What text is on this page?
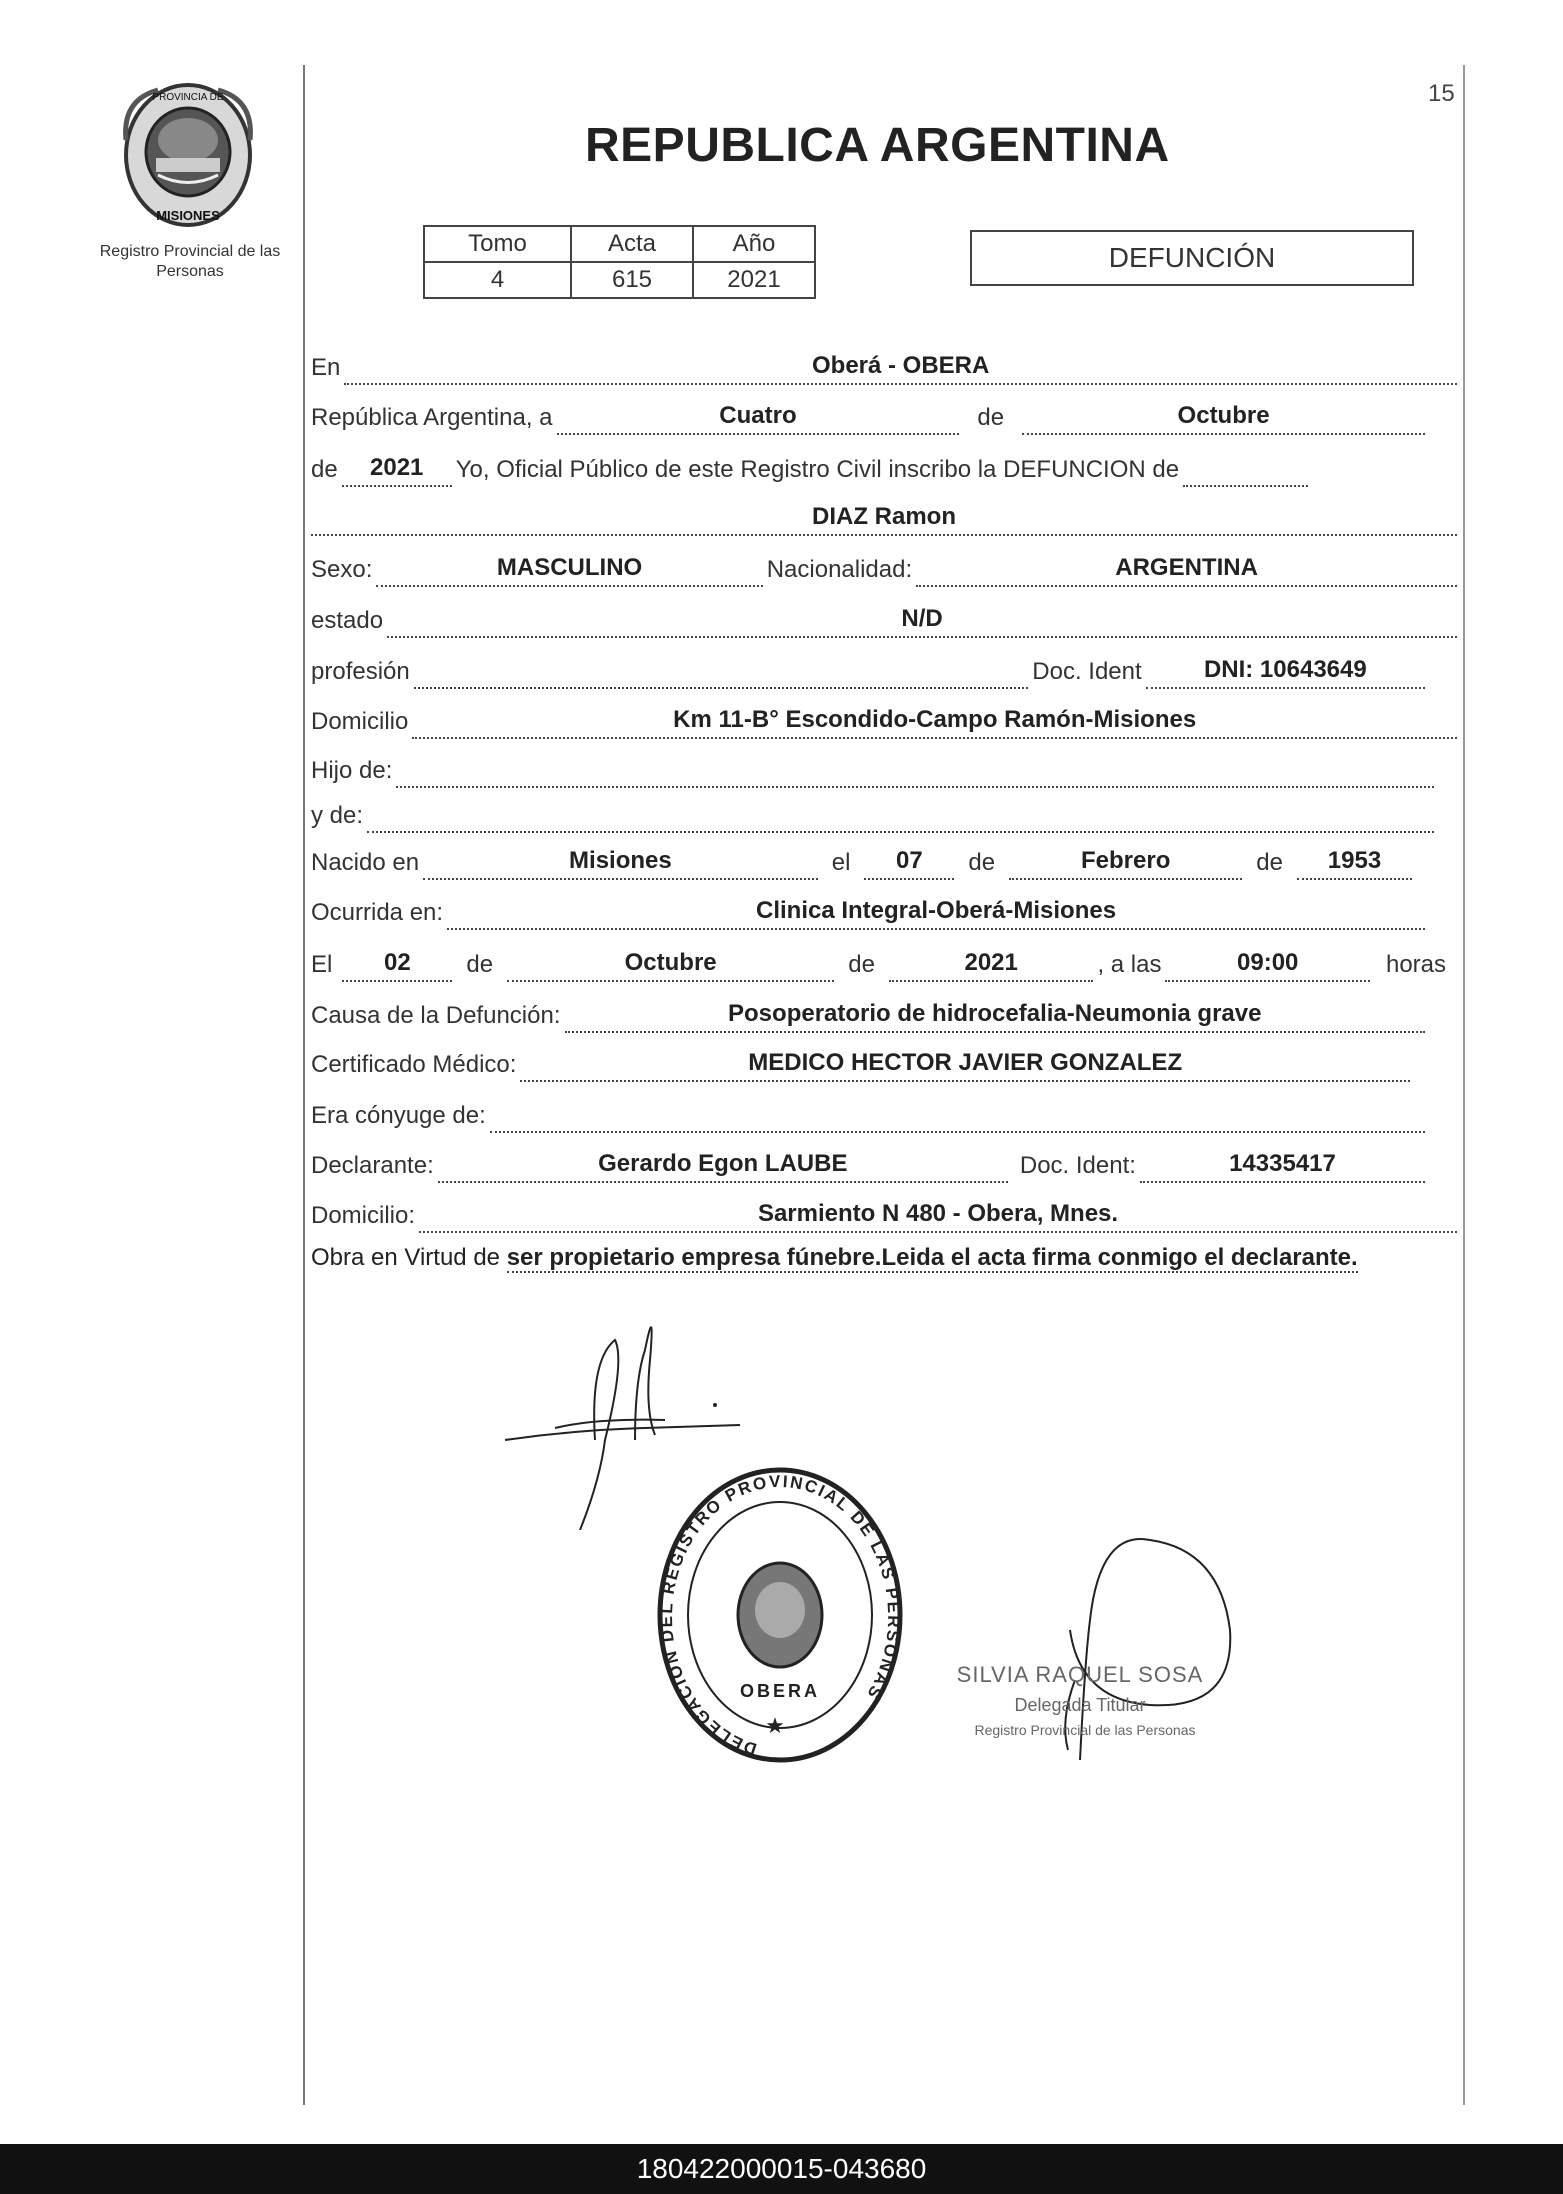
15
PROVINCIA DE
MISIONES
Registro Provincial de las Personas
REPUBLICA ARGENTINA
Tomo	Acta	Año
4	615	2021
DEFUNCIÓN
En	Oberá - OBERA
República Argentina, a	Cuatro	de	Octubre
de	2021	Yo, Oficial Público de este Registro Civil inscribo la DEFUNCION de
DIAZ Ramon
Sexo:	MASCULINO	Nacionalidad:	ARGENTINA
estado	N/D
profesión	Doc. Ident	DNI: 10643649
Domicilio	Km 11-B° Escondido-Campo Ramón-Misiones
Hijo de:
y de:
Nacido en	Misiones	el	07	de	Febrero	de	1953
Ocurrida en:	Clinica Integral-Oberá-Misiones
El	02	de	Octubre	de	2021	, a las	09:00	horas
Causa de la Defunción:	Posoperatorio de hidrocefalia-Neumonia grave
Certificado Médico:	MEDICO HECTOR JAVIER GONZALEZ
Era cónyuge de:
Declarante:	Gerardo Egon LAUBE	Doc. Ident:	14335417
Domicilio:	Sarmiento N 480 - Obera, Mnes.
Obra en Virtud de ser propietario empresa fúnebre.Leida el acta firma conmigo el declarante.
DELEGACION DEL REGISTRO PROVINCIAL DE LAS PERSONAS
OBERA
★
SILVIA RAQUEL SOSA
Delegada Titular
Registro Provincial de las Personas
180422000015-043680
